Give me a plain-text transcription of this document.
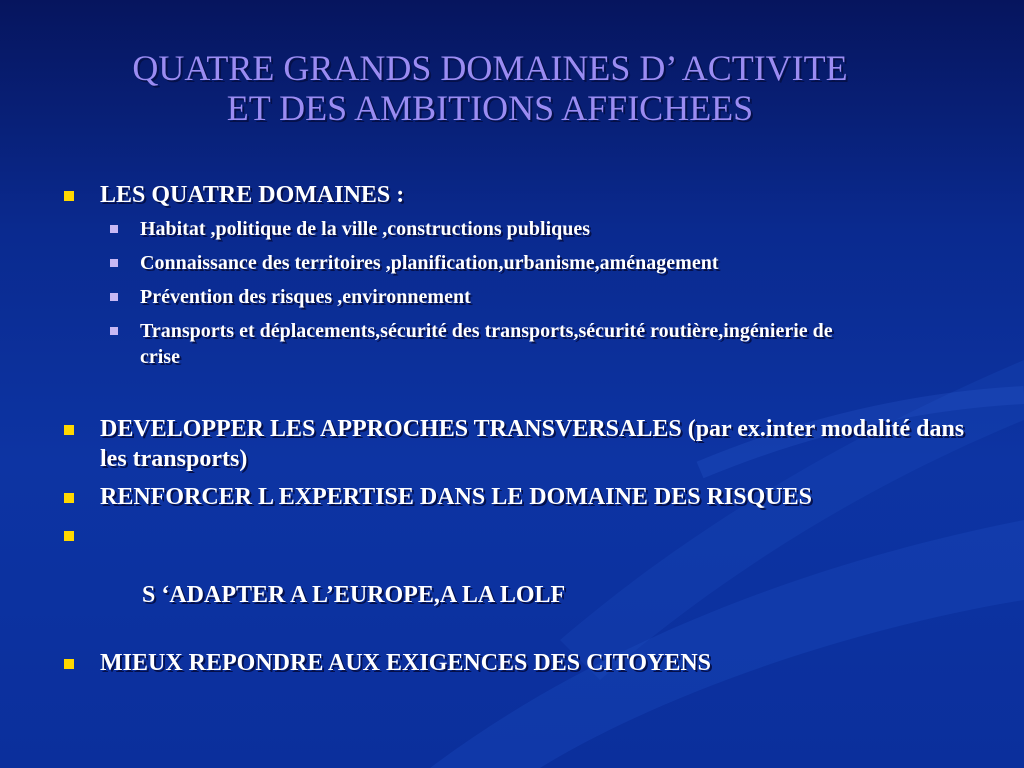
QUATRE GRANDS DOMAINES D’ ACTIVITE
ET DES AMBITIONS AFFICHEES
LES QUATRE DOMAINES :
Habitat ,politique de la ville ,constructions publiques
Connaissance des territoires ,planification,urbanisme,aménagement
Prévention des risques ,environnement
Transports et déplacements,sécurité des transports,sécurité routière,ingénierie de crise
DEVELOPPER LES APPROCHES TRANSVERSALES (par ex.inter modalité dans les transports)
RENFORCER L EXPERTISE DANS LE DOMAINE DES RISQUES

S ‘ADAPTER A L’EUROPE,A LA LOLF

MIEUX REPONDRE AUX EXIGENCES DES CITOYENS
